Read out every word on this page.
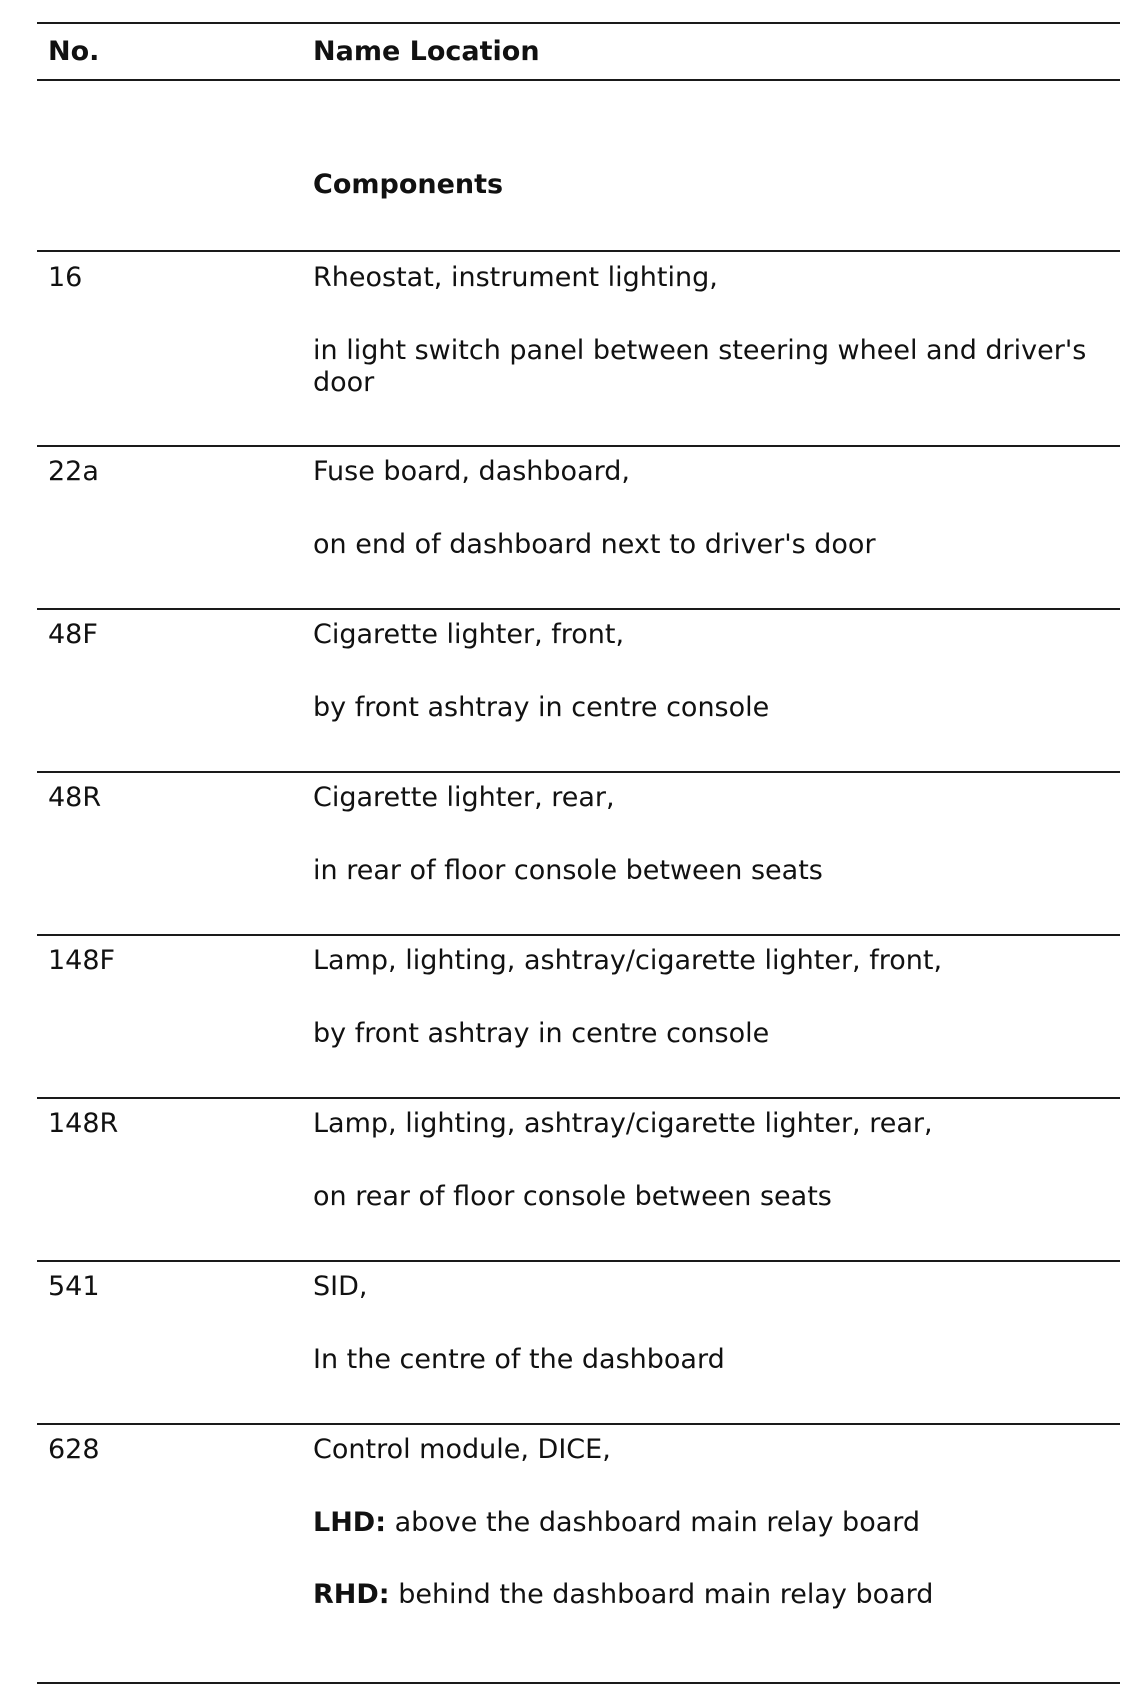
No.	Name Location
Components
16	Rheostat, instrument lighting,
in light switch panel between steering wheel and driver's door
22a	Fuse board, dashboard,
on end of dashboard next to driver's door
48F	Cigarette lighter, front,
by front ashtray in centre console
48R	Cigarette lighter, rear,
in rear of floor console between seats
148F	Lamp, lighting, ashtray/cigarette lighter, front,
by front ashtray in centre console
148R	Lamp, lighting, ashtray/cigarette lighter, rear,
on rear of floor console between seats
541	SID,
In the centre of the dashboard
628	Control module, DICE,
LHD: above the dashboard main relay board
RHD: behind the dashboard main relay board
